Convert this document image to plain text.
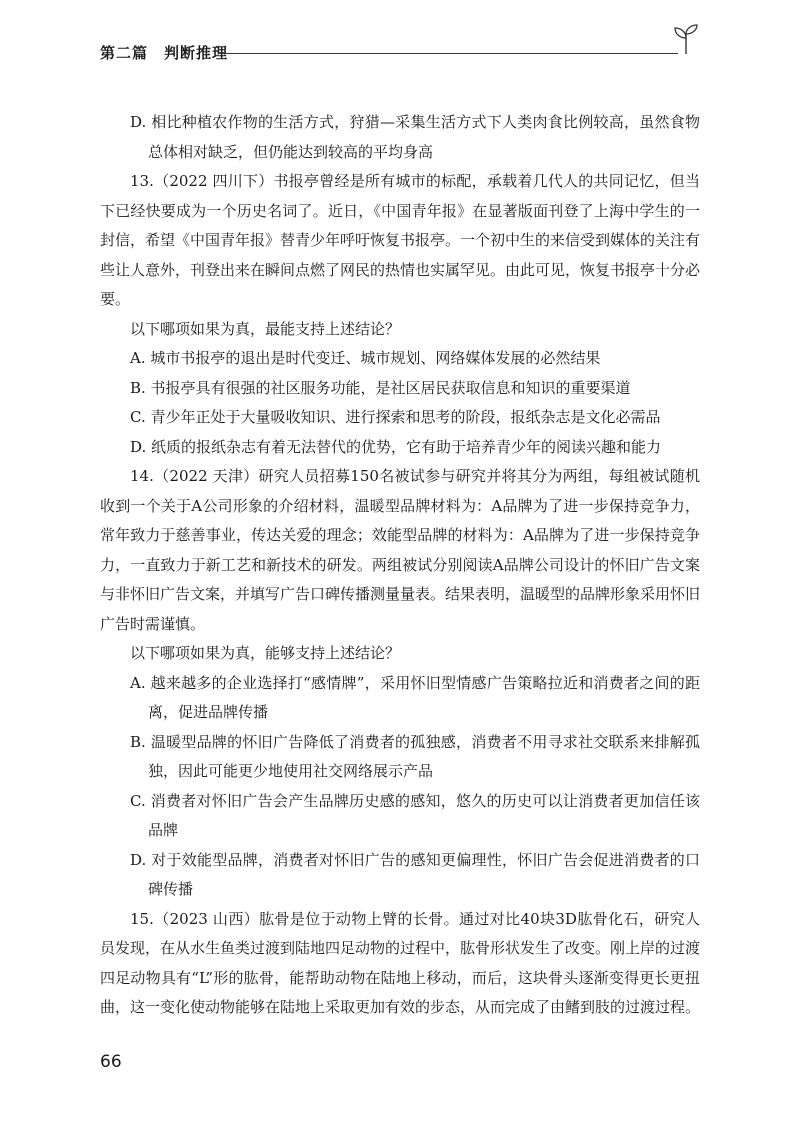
第二篇　判断推理

D. 相比种植农作物的生活方式，狩猎—采集生活方式下人类肉食比例较高，虽然食物总体相对缺乏，但仍能达到较高的平均身高

13.（2022 四川下）书报亭曾经是所有城市的标配，承载着几代人的共同记忆，但当下已经快要成为一个历史名词了。近日，《中国青年报》在显著版面刊登了上海中学生的一封信，希望《中国青年报》替青少年呼吁恢复书报亭。一个初中生的来信受到媒体的关注有些让人意外，刊登出来在瞬间点燃了网民的热情也实属罕见。由此可见，恢复书报亭十分必要。

以下哪项如果为真，最能支持上述结论？

A. 城市书报亭的退出是时代变迁、城市规划、网络媒体发展的必然结果

B. 书报亭具有很强的社区服务功能，是社区居民获取信息和知识的重要渠道

C. 青少年正处于大量吸收知识、进行探索和思考的阶段，报纸杂志是文化必需品

D. 纸质的报纸杂志有着无法替代的优势，它有助于培养青少年的阅读兴趣和能力

14.（2022 天津）研究人员招募150名被试参与研究并将其分为两组，每组被试随机收到一个关于A公司形象的介绍材料，温暖型品牌材料为：A品牌为了进一步保持竞争力，常年致力于慈善事业，传达关爱的理念；效能型品牌的材料为：A品牌为了进一步保持竞争力，一直致力于新工艺和新技术的研发。两组被试分别阅读A品牌公司设计的怀旧广告文案与非怀旧广告文案，并填写广告口碑传播测量量表。结果表明，温暖型的品牌形象采用怀旧广告时需谨慎。

以下哪项如果为真，能够支持上述结论？

A. 越来越多的企业选择打“感情牌”，采用怀旧型情感广告策略拉近和消费者之间的距离，促进品牌传播

B. 温暖型品牌的怀旧广告降低了消费者的孤独感，消费者不用寻求社交联系来排解孤独，因此可能更少地使用社交网络展示产品

C. 消费者对怀旧广告会产生品牌历史感的感知，悠久的历史可以让消费者更加信任该品牌

D. 对于效能型品牌，消费者对怀旧广告的感知更偏理性，怀旧广告会促进消费者的口碑传播

15.（2023 山西）肱骨是位于动物上臂的长骨。通过对比40块3D肱骨化石，研究人员发现，在从水生鱼类过渡到陆地四足动物的过程中，肱骨形状发生了改变。刚上岸的过渡四足动物具有“L”形的肱骨，能帮助动物在陆地上移动，而后，这块骨头逐渐变得更长更扭曲，这一变化使动物能够在陆地上采取更加有效的步态，从而完成了由鳍到肢的过渡过程。

66
